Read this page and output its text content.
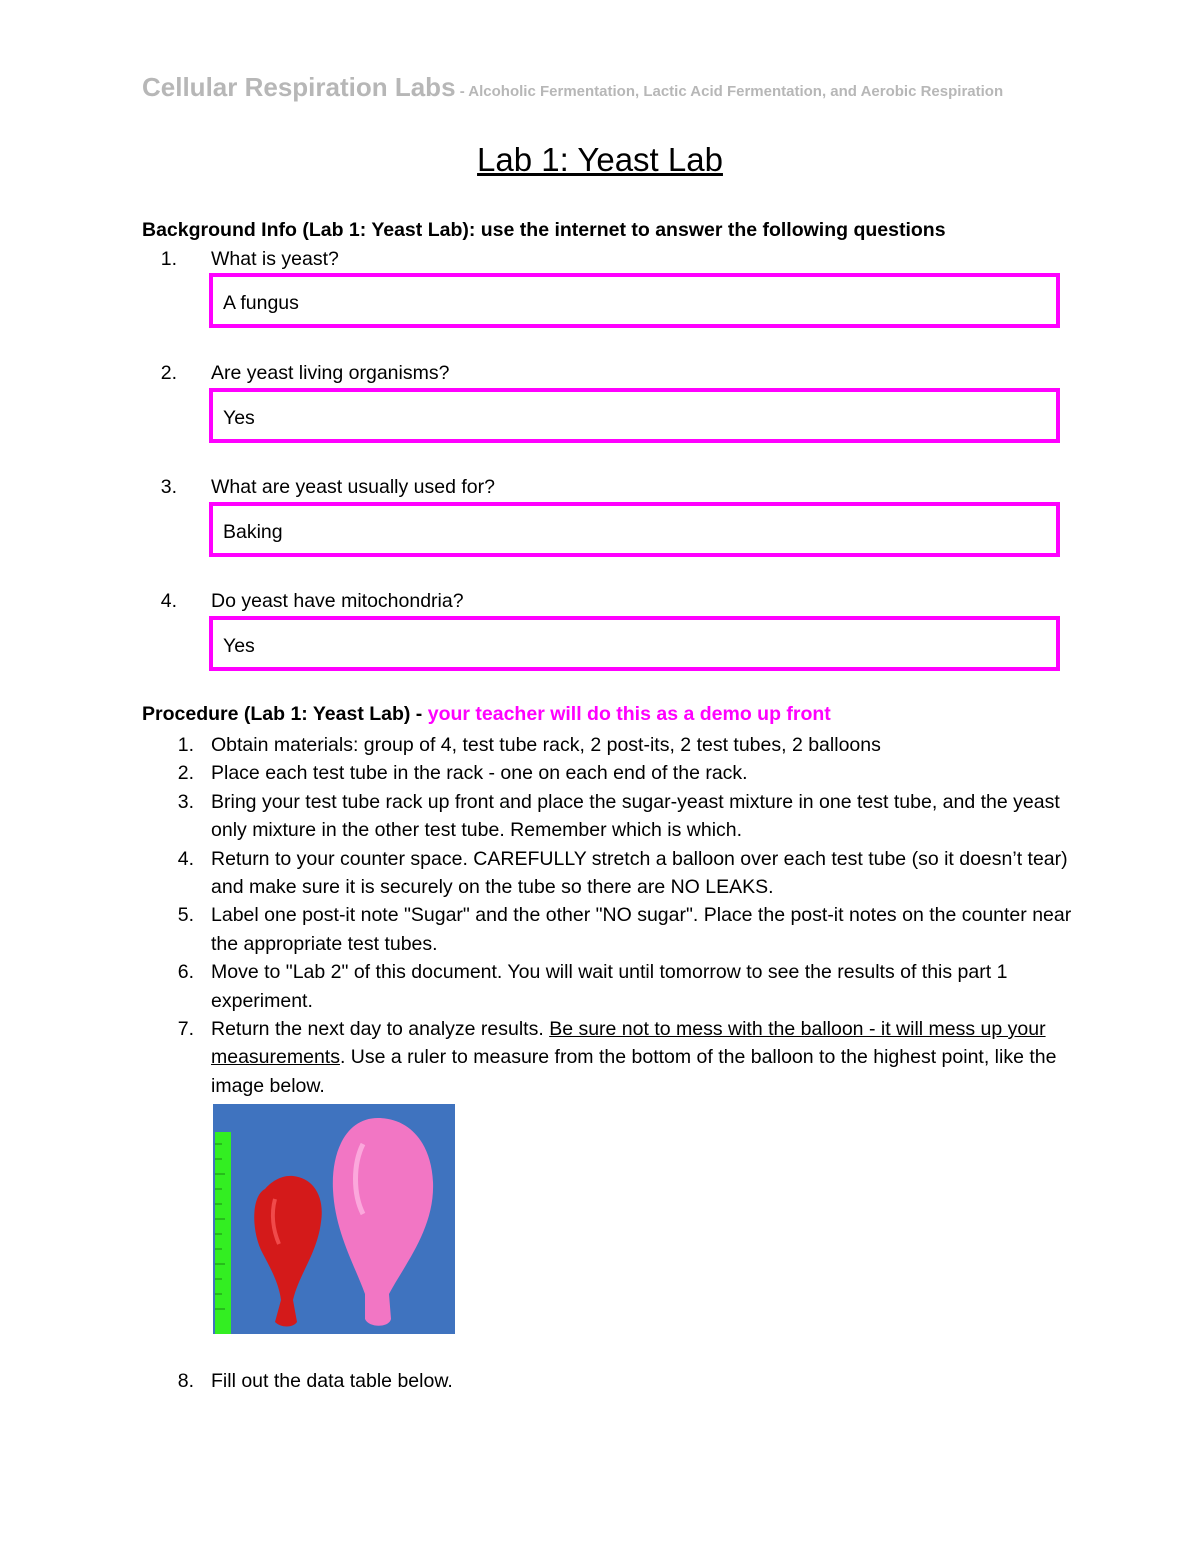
Cellular Respiration Labs - Alcoholic Fermentation, Lactic Acid Fermentation, and Aerobic Respiration
Lab 1: Yeast Lab
Background Info (Lab 1: Yeast Lab): use the internet to answer the following questions
1. What is yeast?
A fungus
2. Are yeast living organisms?
Yes
3. What are yeast usually used for?
Baking
4. Do yeast have mitochondria?
Yes
Procedure (Lab 1: Yeast Lab) - your teacher will do this as a demo up front
1. Obtain materials: group of 4, test tube rack, 2 post-its, 2 test tubes, 2 balloons
2. Place each test tube in the rack - one on each end of the rack.
3. Bring your test tube rack up front and place the sugar-yeast mixture in one test tube, and the yeast only mixture in the other test tube. Remember which is which.
4. Return to your counter space. CAREFULLY stretch a balloon over each test tube (so it doesn’t tear) and make sure it is securely on the tube so there are NO LEAKS.
5. Label one post-it note "Sugar" and the other "NO sugar". Place the post-it notes on the counter near the appropriate test tubes.
6. Move to "Lab 2" of this document. You will wait until tomorrow to see the results of this part 1 experiment.
7. Return the next day to analyze results. Be sure not to mess with the balloon - it will mess up your measurements. Use a ruler to measure from the bottom of the balloon to the highest point, like the image below.
8. Fill out the data table below.
